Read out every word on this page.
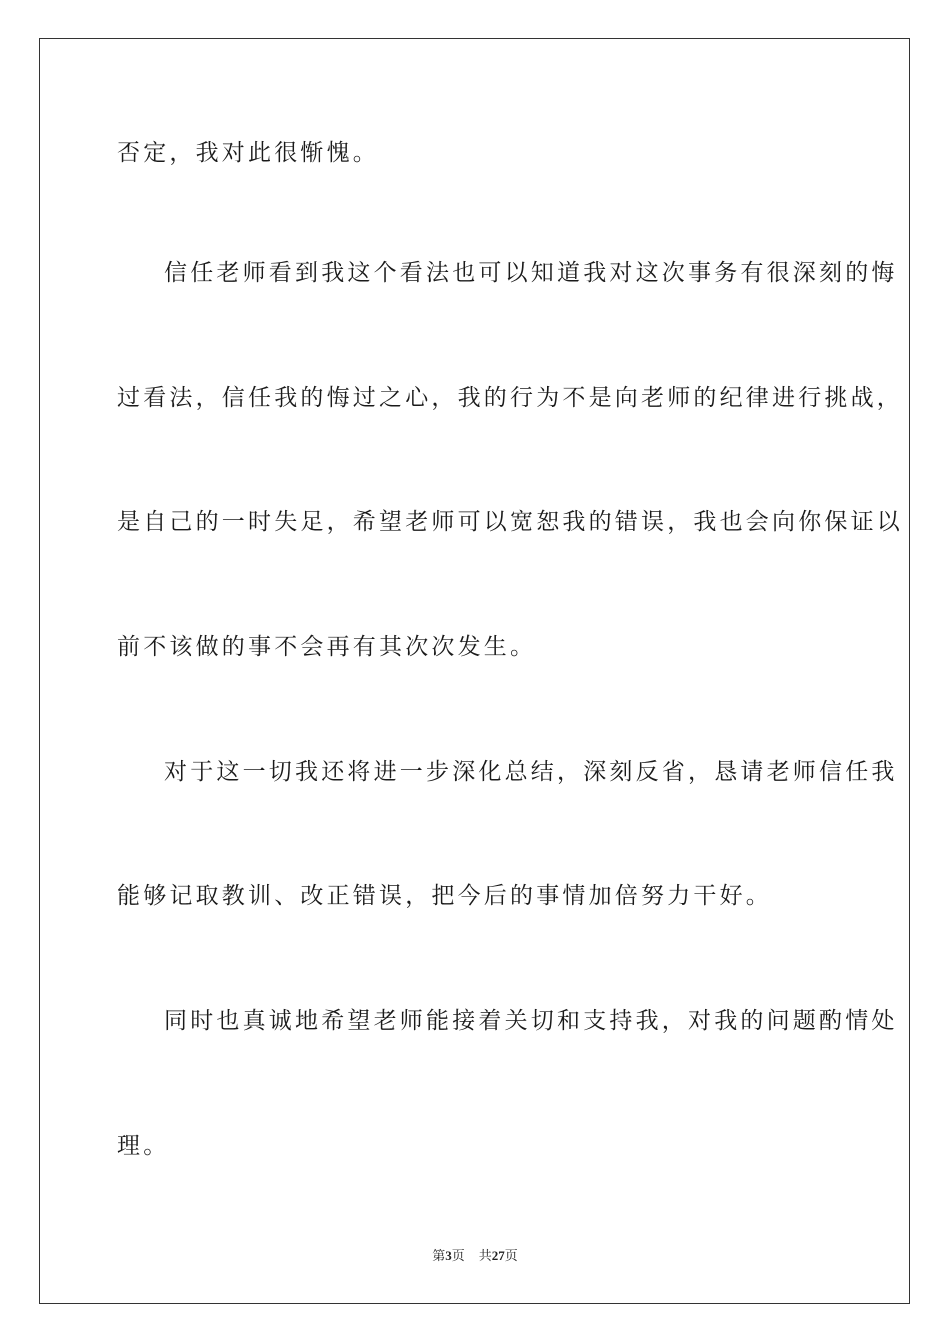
否定，我对此很惭愧。
信任老师看到我这个看法也可以知道我对这次事务有很深刻的悔
过看法，信任我的悔过之心，我的行为不是向老师的纪律进行挑战，
是自己的一时失足，希望老师可以宽恕我的错误，我也会向你保证以
前不该做的事不会再有其次次发生。
对于这一切我还将进一步深化总结，深刻反省，恳请老师信任我
能够记取教训、改正错误，把今后的事情加倍努力干好。
同时也真诚地希望老师能接着关切和支持我，对我的问题酌情处
理。
第3页 共27页
